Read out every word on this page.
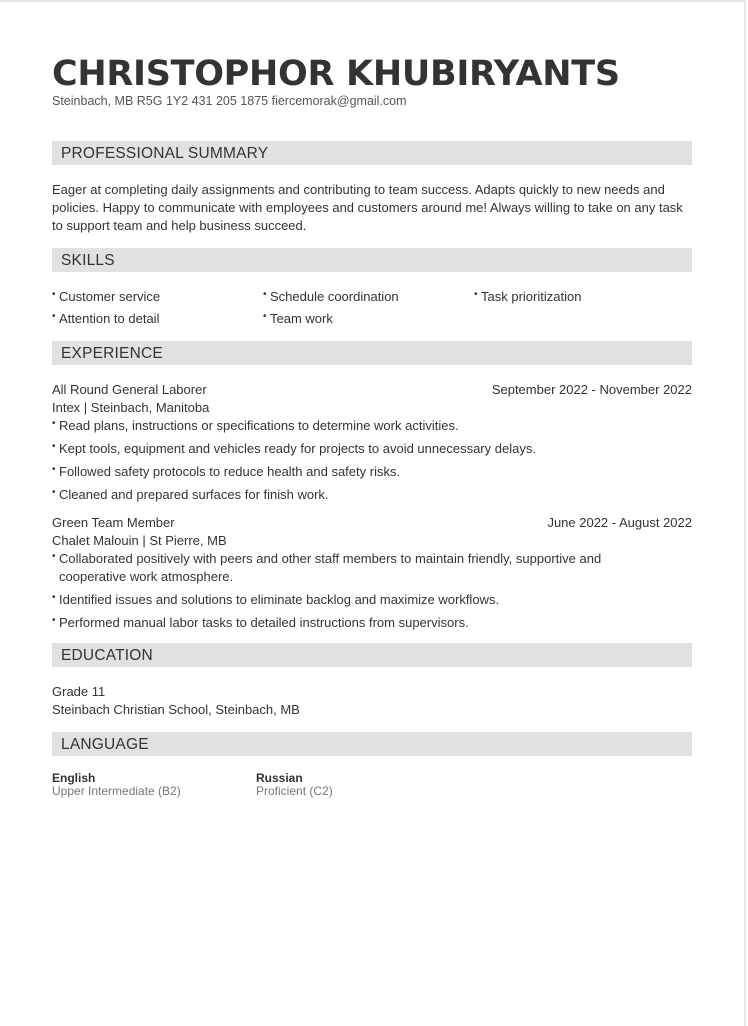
CHRISTOPHOR KHUBIRYANTS
Steinbach, MB R5G 1Y2 431 205 1875 fiercemorak@gmail.com
PROFESSIONAL SUMMARY
Eager at completing daily assignments and contributing to team success. Adapts quickly to new needs and policies. Happy to communicate with employees and customers around me! Always willing to take on any task to support team and help business succeed.
SKILLS
• Customer service	• Schedule coordination	• Task prioritization
• Attention to detail	• Team work
EXPERIENCE
All Round General Laborer	September 2022 - November 2022
Intex | Steinbach, Manitoba
• Read plans, instructions or specifications to determine work activities.
• Kept tools, equipment and vehicles ready for projects to avoid unnecessary delays.
• Followed safety protocols to reduce health and safety risks.
• Cleaned and prepared surfaces for finish work.
Green Team Member	June 2022 - August 2022
Chalet Malouin | St Pierre, MB
• Collaborated positively with peers and other staff members to maintain friendly, supportive and cooperative work atmosphere.
• Identified issues and solutions to eliminate backlog and maximize workflows.
• Performed manual labor tasks to detailed instructions from supervisors.
EDUCATION
Grade 11
Steinbach Christian School, Steinbach, MB
LANGUAGE
English
Upper Intermediate (B2)
Russian
Proficient (C2)
